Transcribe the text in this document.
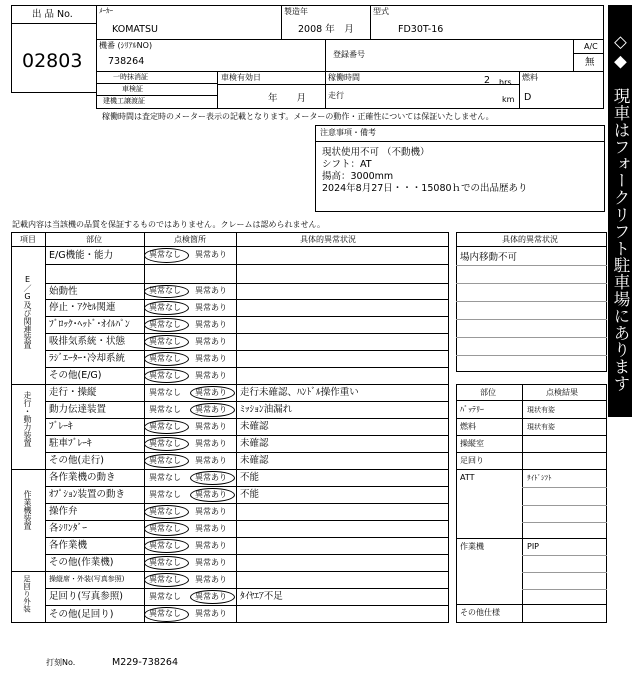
出 品 No.
02803
ﾒｰｶｰ
KOMATSU
製造年
2008 年　月
型式
FD30T-16
機番 (ｼﾘｱﾙNO)
738264
登録番号
A/C
無
一時抹消証
車検証
建機工譲渡証
車検有効日
年　　月
稼働時間	2 hrs
走行	km
燃料
D
稼働時間は査定時のメーター表示の記載となります。メーターの動作・正確性については保証いたしません。
注意事項・備考
現状使用不可 （不動機）
シフト：AT
揚高：3000mm
2024年8月27日・・・15080ｈでの出品歴あり	◇◆　現車はフォークリフト駐車場にあります　◆◇
記載内容は当該機の品質を保証するものではありません。クレームは認められません。
項目	部位	点検箇所	具体的異常状況
E／G及び関連装置
走行・動力装置
作業機装置
足回り外装
E/G機能・能力	異常なし 異常あり
始動性	異常なし 異常あり
停止・ｱｸｾﾙ関連	異常なし 異常あり
ﾌﾞﾛｯｸ･ﾍｯﾄﾞ･ｵｲﾙﾊﾟﾝ 異常なし 異常あり
吸排気系統・状態	異常なし 異常あり
ﾗｼﾞｴｰﾀｰ･冷却系統	異常なし 異常あり
その他(E/G)	異常なし 異常あり
走行・操縦	異常なし 異常あり 走行未確認、ﾊﾝﾄﾞﾙ操作重い
動力伝達装置	異常なし 異常あり ﾐｯｼｮﾝ油漏れ
ﾌﾞﾚｰｷ	異常なし 異常あり 未確認
駐車ﾌﾞﾚｰｷ	異常なし 異常あり 未確認
その他(走行)	異常なし 異常あり 未確認
各作業機の動き	異常なし 異常あり 不能
ｵﾌﾟｼｮﾝ装置の動き	異常なし 異常あり 不能
操作弁	異常なし 異常あり
各ｼﾘﾝﾀﾞｰ	異常なし 異常あり
各作業機	異常なし 異常あり
その他(作業機)	異常なし 異常あり
操縦席・外装(写真参照)	異常なし 異常あり
足回り(写真参照)	異常なし 異常あり ﾀｲﾔｴｱ不足
その他(足回り)	異常なし 異常あり
具体的異常状況
場内移動不可
部位	点検結果
ﾊﾞｯﾃﾘｰ	現状有姿
燃料	現状有姿
操縦室
足回り
ATT	ｻｲﾄﾞｼﾌﾄ
作業機	PIP
その他仕様
打刻No.	M229-738264
